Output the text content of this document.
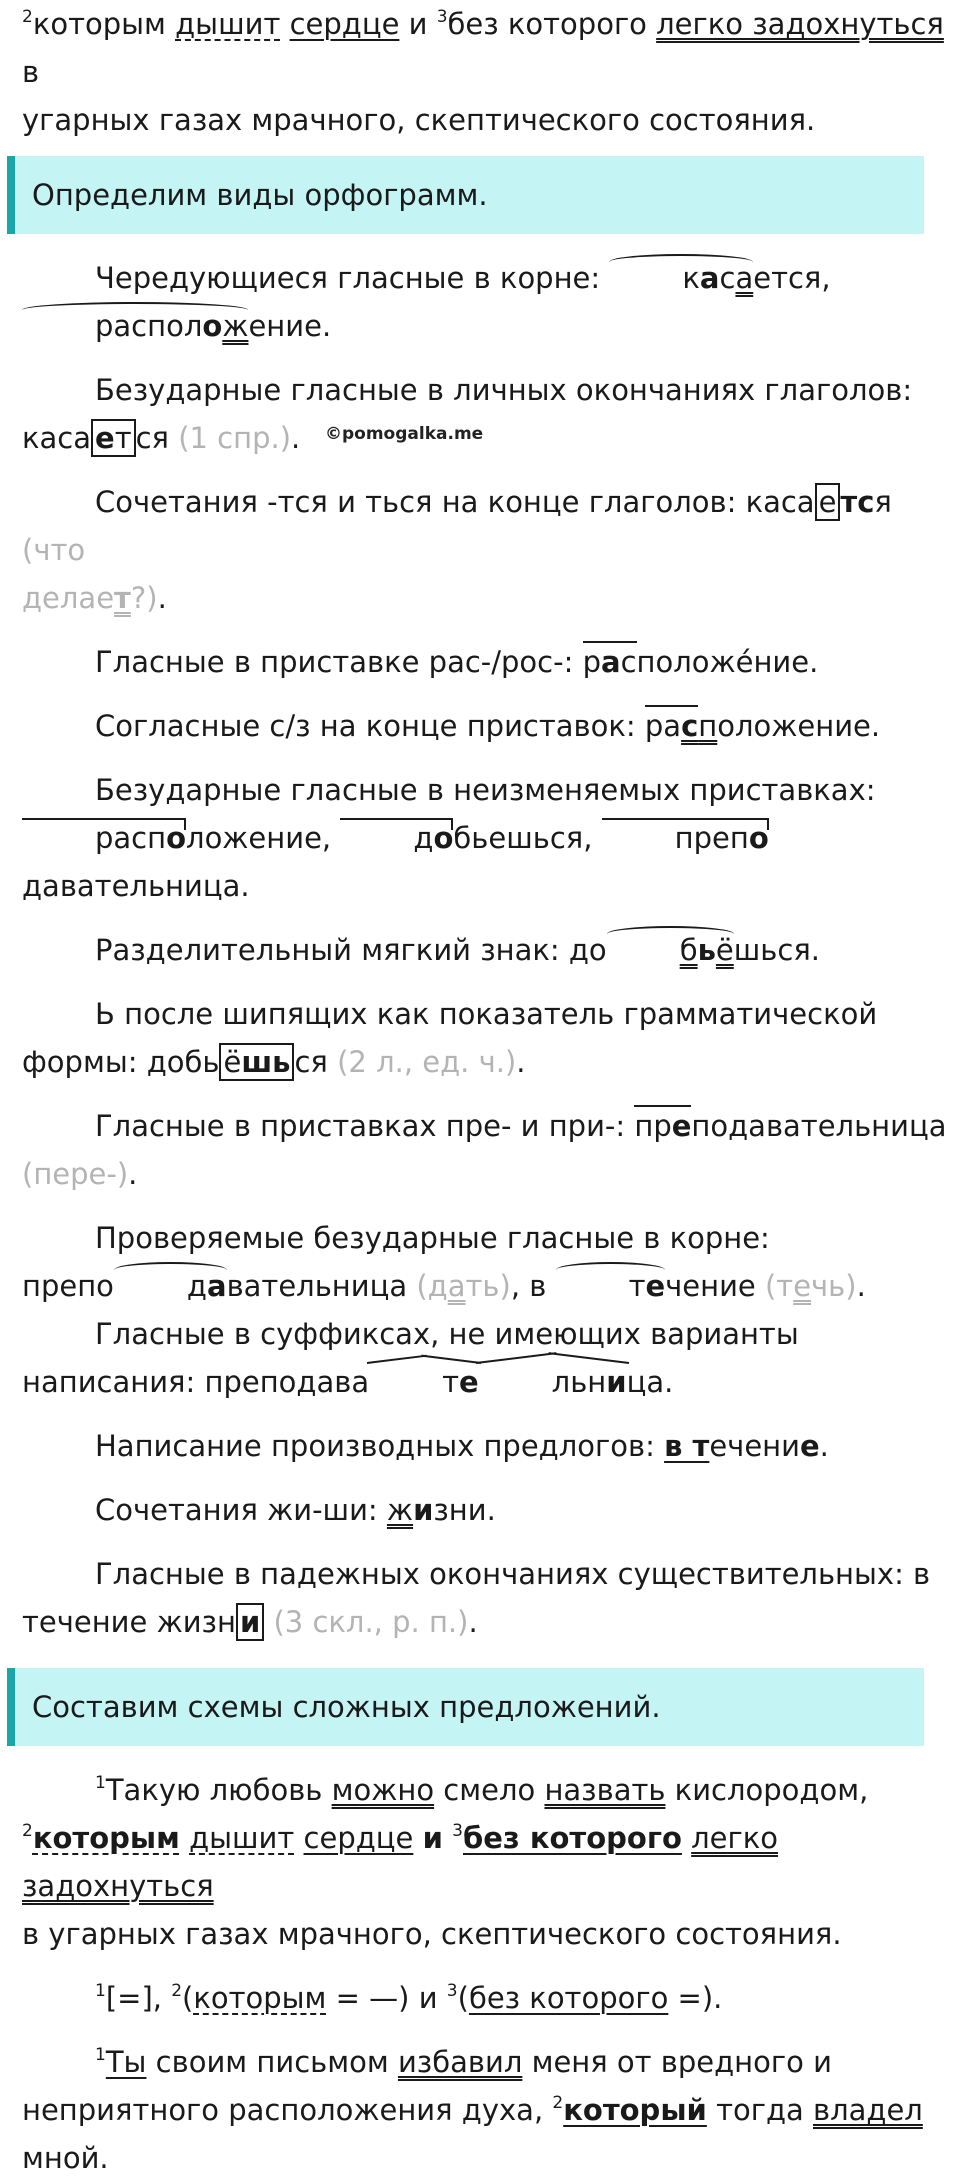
$^2$которым дышит сердце и $^3$без которого легко задохнуться в

угарных газах мрачного, скептического состояния.

Определим виды орфограмм.
©pomogalka.me

Чередующиеся гласные в корне:	касается,
расположение.

Безударные гласные в личных окончаниях глаголов:
каса ет ся (1 спр.).

Сочетания -тся и ться на конце глаголов: каса е тся (что
делает?).

Гласные в приставке рас-/рос-: расположе́ние.

Согласные с/з на конце приставок: расположение.

Безударные гласные в неизменяемых приставках:
расположение,	добьешься,	преподавательница.

Разделительный мягкий знак: до	бьёшься.

Ь после шипящих как показатель грамматической
формы: добь ёшь ся (2 л., ед. ч.).

Гласные в приставках пре- и при-: преподавательница
(пере-).

Проверяемые безударные гласные в корне:
препо	давательница (дать), в	течение (течь).

Гласные в суффиксах, не имеющих варианты
написания: преподава	те	льница.

Написание производных предлогов: в течение.

Сочетания жи-ши: жизни.

Гласные в падежных окончаниях существительных: в
течение жизн и (3 скл., р. п.).

Составим схемы сложных предложений.

$^1$Такую любовь можно смело назвать кислородом,

$^2$которым дышит сердце и $^3$без которого легко задохнуться

в угарных газах мрачного, скептического состояния.

$^1$[=], $^2$(которым = —) и $^3$(без которого =).

$^1$Ты своим письмом избавил меня от вредного и

неприятного расположения духа, $^2$который тогда владел

мной.
